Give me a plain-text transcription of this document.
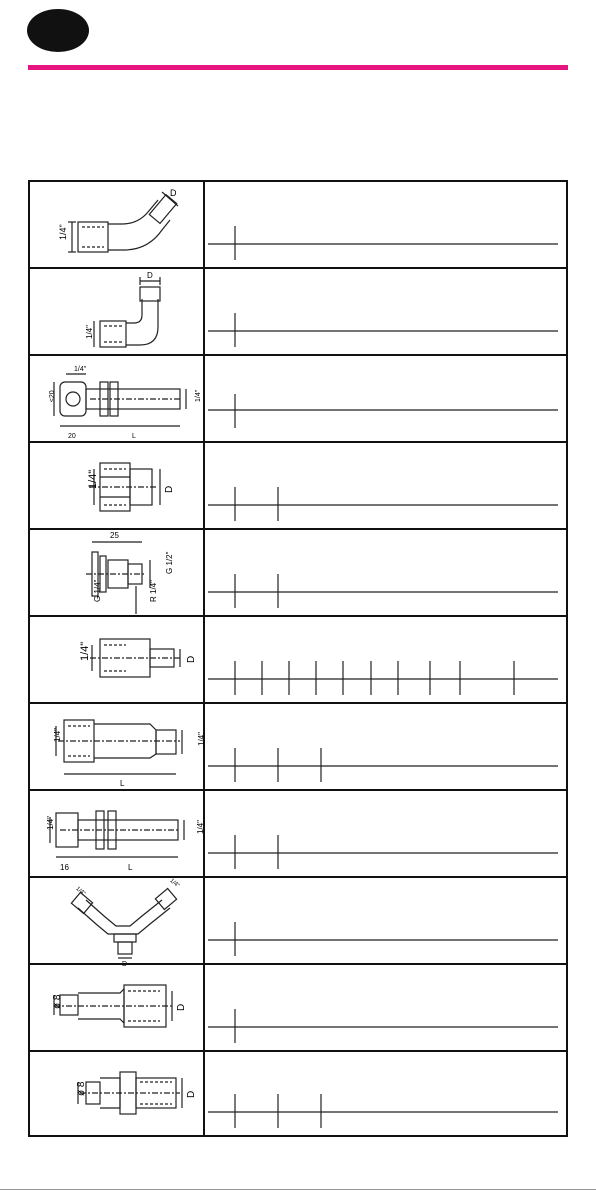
1/4"
D
1/4"
D
1/4"
≤20	1/4"
20	L
1/4"
D
25
G 1/2"
G 1/4"	R 1/4"
1/4"	D
1/4"	1/4"
L
1/4"	1/4"
16	L
1/4"
1/4"
ø 8	D
ø 8	D
